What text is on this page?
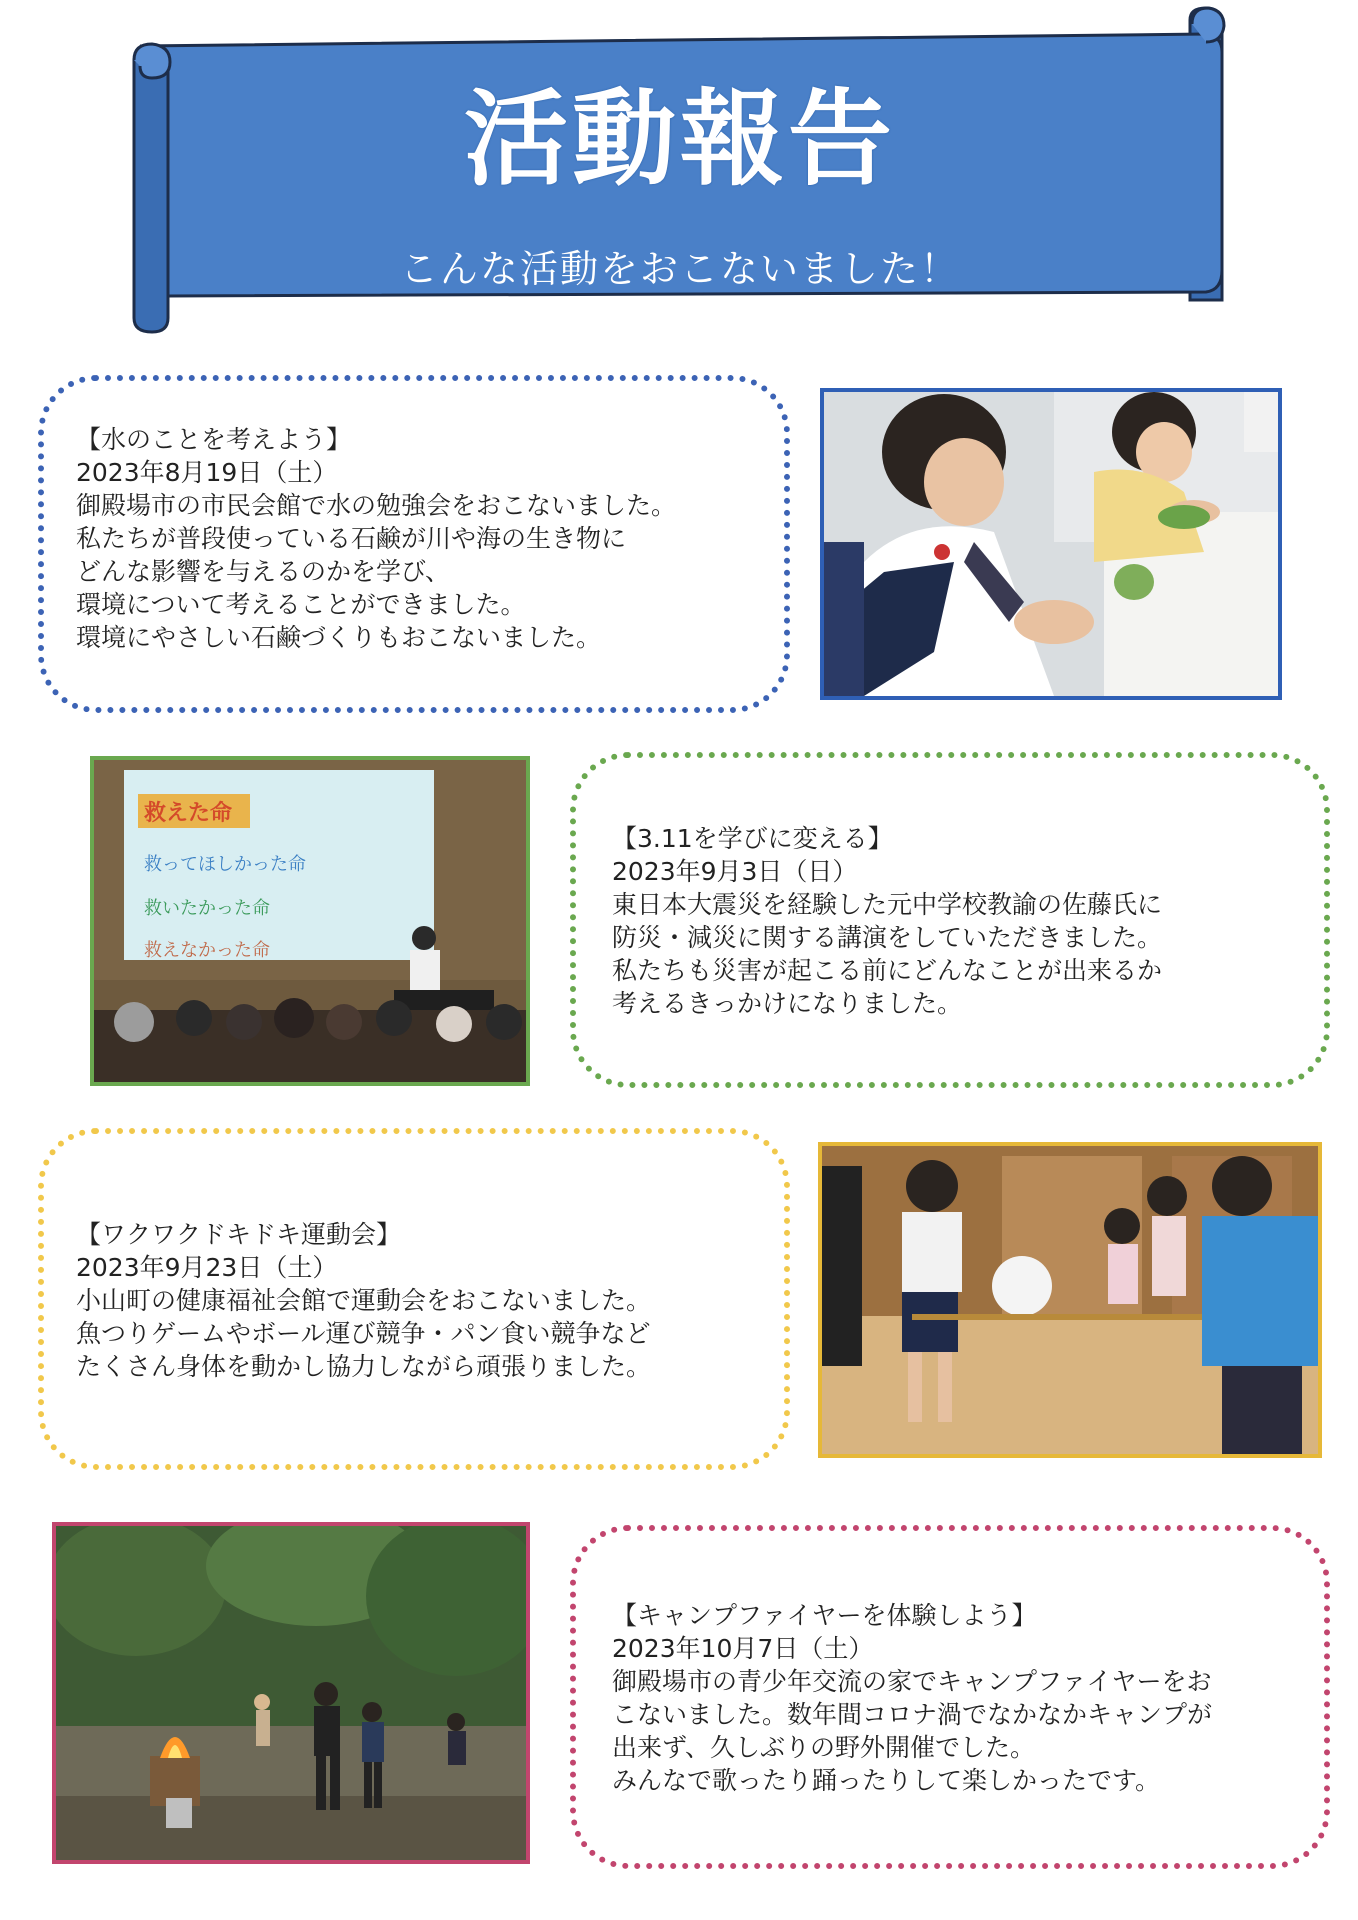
活動報告
こんな活動をおこないました！
【水のことを考えよう】
2023年8月19日（土）
御殿場市の市民会館で水の勉強会をおこないました。
私たちが普段使っている石鹸が川や海の生き物に
どんな影響を与えるのかを学び、
環境について考えることができました。
環境にやさしい石鹸づくりもおこないました。
救えた命
救ってほしかった命
救いたかった命
救えなかった命
【3.11を学びに変える】
2023年9月3日（日）
東日本大震災を経験した元中学校教諭の佐藤氏に
防災・減災に関する講演をしていただきました。
私たちも災害が起こる前にどんなことが出来るか
考えるきっかけになりました。
【ワクワクドキドキ運動会】
2023年9月23日（土）
小山町の健康福祉会館で運動会をおこないました。
魚つりゲームやボール運び競争・パン食い競争など
たくさん身体を動かし協力しながら頑張りました。
【キャンプファイヤーを体験しよう】
2023年10月7日（土）
御殿場市の青少年交流の家でキャンプファイヤーをお
こないました。数年間コロナ渦でなかなかキャンプが
出来ず、久しぶりの野外開催でした。
みんなで歌ったり踊ったりして楽しかったです。
